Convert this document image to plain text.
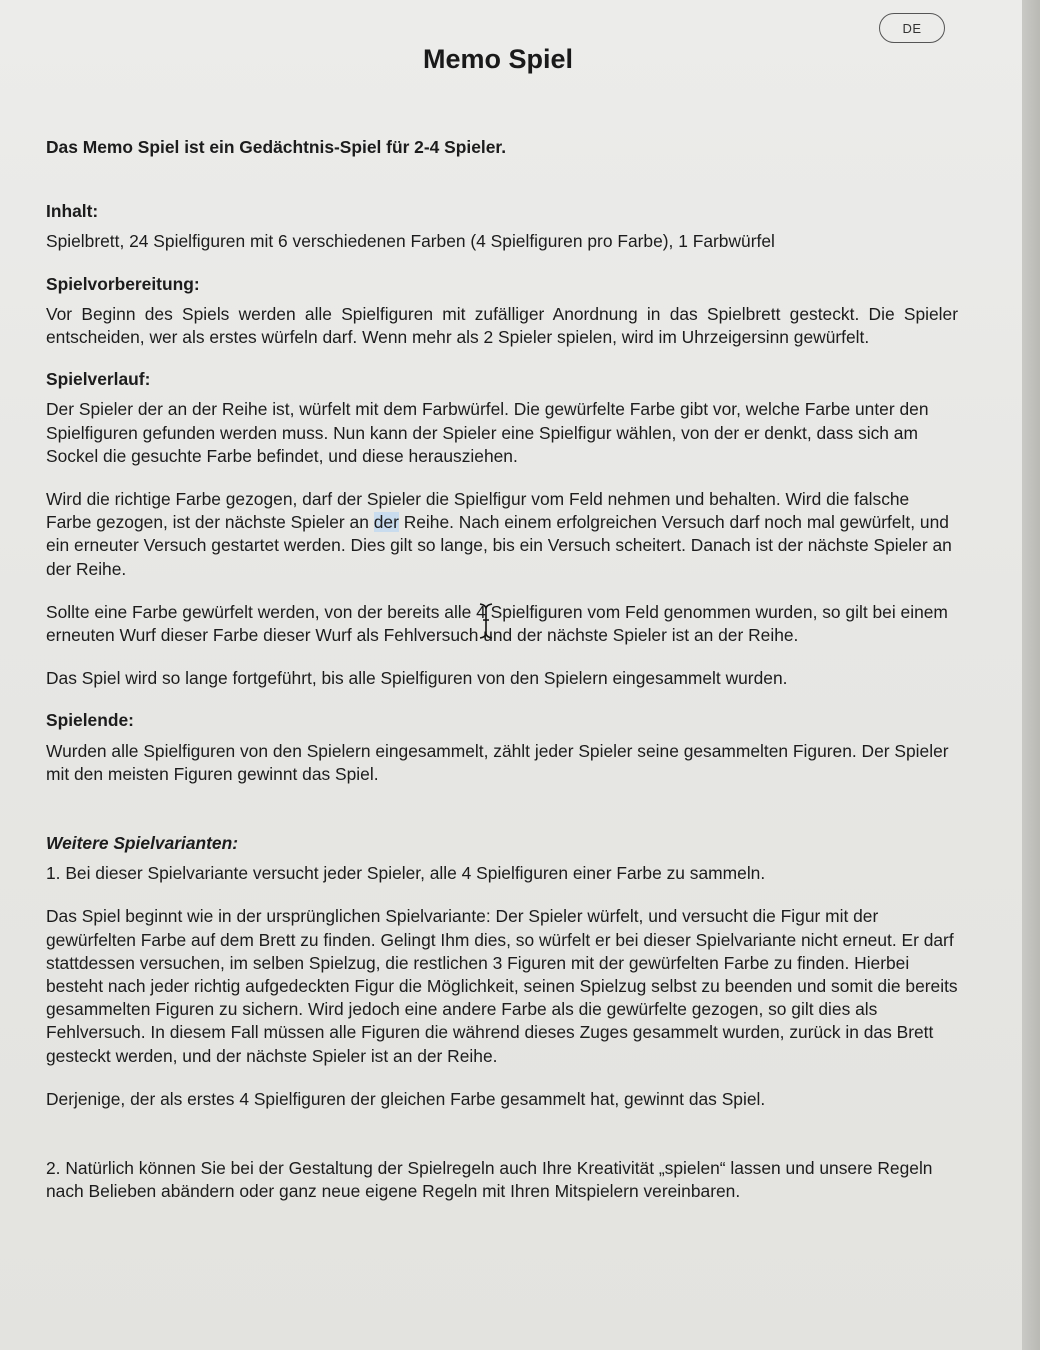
DE
Memo Spiel

Das Memo Spiel ist ein Gedächtnis-Spiel für 2-4 Spieler.

Inhalt:

Spielbrett, 24 Spielfiguren mit 6 verschiedenen Farben (4 Spielfiguren pro Farbe), 1 Farbwürfel

Spielvorbereitung:

Vor Beginn des Spiels werden alle Spielfiguren mit zufälliger Anordnung in das Spielbrett gesteckt. Die Spieler entscheiden, wer als erstes würfeln darf. Wenn mehr als 2 Spieler spielen, wird im Uhrzeigersinn gewürfelt.

Spielverlauf:

Der Spieler der an der Reihe ist, würfelt mit dem Farbwürfel. Die gewürfelte Farbe gibt vor, welche Farbe unter den Spielfiguren gefunden werden muss. Nun kann der Spieler eine Spielfigur wählen, von der er denkt, dass sich am Sockel die gesuchte Farbe befindet, und diese herausziehen.

Wird die richtige Farbe gezogen, darf der Spieler die Spielfigur vom Feld nehmen und behalten. Wird die falsche Farbe gezogen, ist der nächste Spieler an der Reihe. Nach einem erfolgreichen Versuch darf noch mal gewürfelt, und ein erneuter Versuch gestartet werden. Dies gilt so lange, bis ein Versuch scheitert. Danach ist der nächste Spieler an der Reihe.

Sollte eine Farbe gewürfelt werden, von der bereits alle 4 Spielfiguren vom Feld genommen wurden, so gilt bei einem erneuten Wurf dieser Farbe dieser Wurf als Fehlversuch und der nächste Spieler ist an der Reihe.

Das Spiel wird so lange fortgeführt, bis alle Spielfiguren von den Spielern eingesammelt wurden.

Spielende:

Wurden alle Spielfiguren von den Spielern eingesammelt, zählt jeder Spieler seine gesammelten Figuren. Der Spieler mit den meisten Figuren gewinnt das Spiel.

Weitere Spielvarianten:

1. Bei dieser Spielvariante versucht jeder Spieler, alle 4 Spielfiguren einer Farbe zu sammeln.

Das Spiel beginnt wie in der ursprünglichen Spielvariante: Der Spieler würfelt, und versucht die Figur mit der gewürfelten Farbe auf dem Brett zu finden. Gelingt Ihm dies, so würfelt er bei dieser Spielvariante nicht erneut. Er darf stattdessen versuchen, im selben Spielzug, die restlichen 3 Figuren mit der gewürfelten Farbe zu finden. Hierbei besteht nach jeder richtig aufgedeckten Figur die Möglichkeit, seinen Spielzug selbst zu beenden und somit die bereits gesammelten Figuren zu sichern. Wird jedoch eine andere Farbe als die gewürfelte gezogen, so gilt dies als Fehlversuch. In diesem Fall müssen alle Figuren die während dieses Zuges gesammelt wurden, zurück in das Brett gesteckt werden, und der nächste Spieler ist an der Reihe.

Derjenige, der als erstes 4 Spielfiguren der gleichen Farbe gesammelt hat, gewinnt das Spiel.

2. Natürlich können Sie bei der Gestaltung der Spielregeln auch Ihre Kreativität „spielen“ lassen und unsere Regeln nach Belieben abändern oder ganz neue eigene Regeln mit Ihren Mitspielern vereinbaren.
